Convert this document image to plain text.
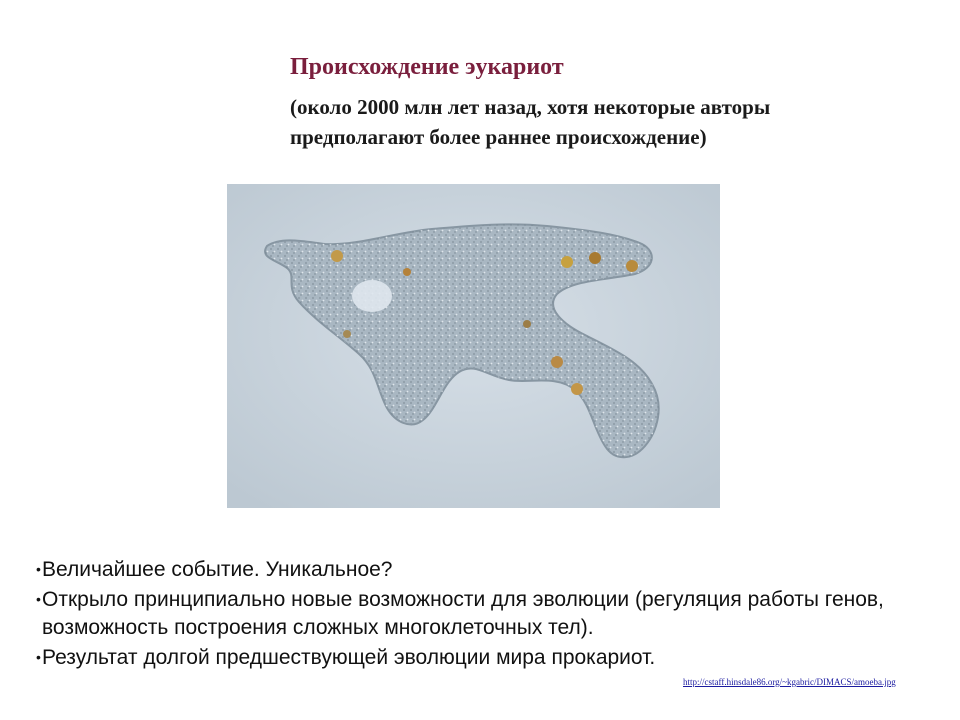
Происхождение эукариот

(около 2000 млн лет назад, хотя некоторые авторы предполагают более раннее происхождение)

http://cstaff.hinsdale86.org/~kgabric/DIMACS/amoeba.jpg
• Величайшее событие. Уникальное?
• Открыло принципиально новые возможности для эволюции (регуляция работы генов, возможность построения сложных многоклеточных тел).
• Результат долгой предшествующей эволюции мира прокариот.
